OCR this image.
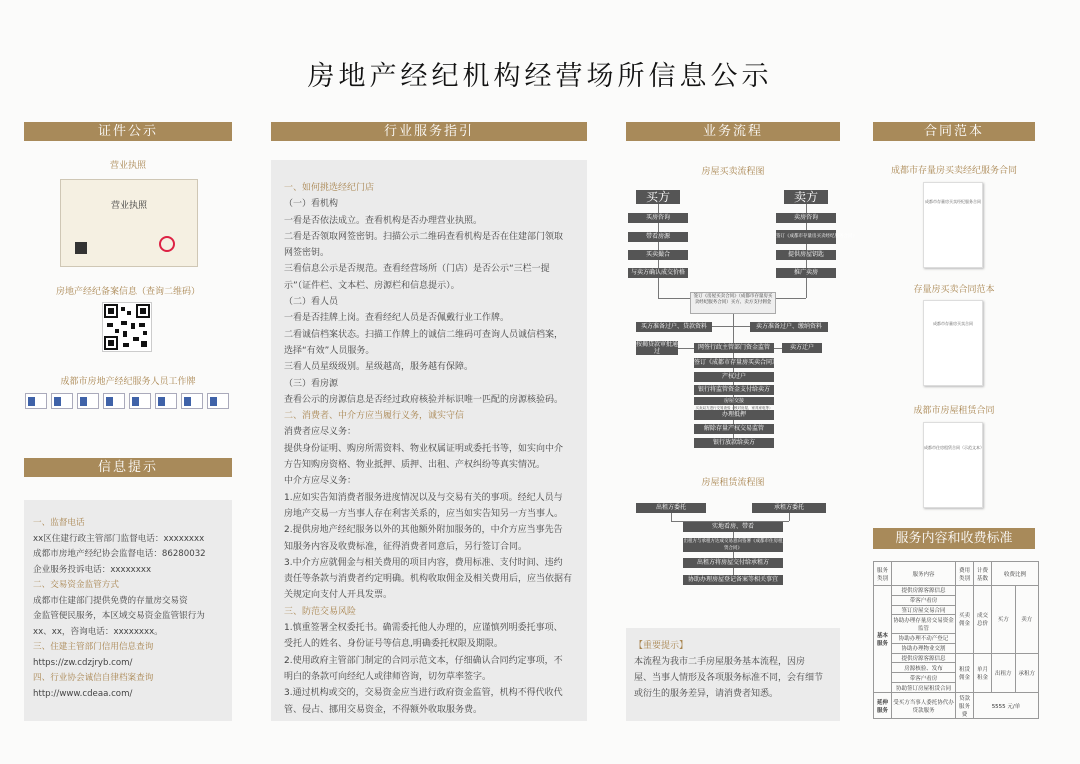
房地产经纪机构经营场所信息公示
证件公示
营业执照
营业执照
房地产经纪备案信息（查询二维码）
成都市房地产经纪服务人员工作牌
信息提示
一、监督电话
xx区住建行政主管部门监督电话：xxxxxxxx
成都市房地产经纪协会监督电话：86280032
企业服务投诉电话：xxxxxxxx
二、交易资金监管方式
成都市住建部门提供免费的存量房交易资
金监管便民服务，本区域交易资金监管银行为
xx、xx，咨询电话：xxxxxxxx。
三、住建主管部门信用信息查询
https://zw.cdzjryb.com/
四、行业协会诚信自律档案查询
http://www.cdeaa.com/
行业服务指引
一、如何挑选经纪门店
（一）看机构
一看是否依法成立。查看机构是否办理营业执照。
二看是否领取网签密钥。扫描公示二维码查看机构是否在住建部门领取
网签密钥。
三看信息公示是否规范。查看经营场所（门店）是否公示“三栏一提
示”（证件栏、文本栏、房源栏和信息提示）。
（二）看人员
一看是否挂牌上岗。查看经纪人员是否佩戴行业工作牌。
二看诚信档案状态。扫描工作牌上的诚信二维码可查询人员诚信档案，
选择“有效”人员服务。
三看人员星级级别。星级越高，服务越有保障。
（三）看房源
查看公示的房源信息是否经过政府核验并标识唯一匹配的房源核验码。
二、消费者、中介方应当履行义务，诚实守信
消费者应尽义务：
提供身份证明、购房所需资料、物业权属证明或委托书等，如实向中介
方告知购房资格、物业抵押、质押、出租、产权纠纷等真实情况。
中介方应尽义务：
1.应如实告知消费者服务进度情况以及与交易有关的事项。经纪人员与
房地产交易一方当事人存在利害关系的，应当如实告知另一方当事人。
2.提供房地产经纪服务以外的其他额外附加服务的，中介方应当事先告
知服务内容及收费标准，征得消费者同意后，另行签订合同。
3.中介方应就佣金与相关费用的项目内容，费用标准、支付时间、违约
责任等条款与消费者约定明确。机构收取佣金及相关费用后，应当依据有
关规定向支付人开具发票。
三、防范交易风险
1.慎重签署全权委托书。确需委托他人办理的，应谨慎列明委托事项、
受托人的姓名、身份证号等信息,明确委托权限及期限。
2.使用政府主管部门制定的合同示范文本，仔细确认合同约定事项，不
明白的条款可向经纪人或律师咨询，切勿草率签字。
3.通过机构或交的，交易资金应当进行政府资金监管，机构不得代收代
管、侵占、挪用交易资金，不得额外收取服务费。
业务流程
房屋买卖流程图
买方	卖方
买房咨询
带看房源
买卖撮合
与卖方确认成交价格
卖房咨询
签订《成都市存量房买卖经纪服务合同》
提供房屋钥匙
推广卖房
签订《房屋买卖合同》（成都市存量房买卖经纪服务合同）买方、卖方支付佣金
买方准备过户、贷款资料	卖方准备过户、缴纳资料
按揭贷款审批通过
卖方迁户
网签行政主管部门资金监管
签订《成都市存量房买卖合同》
产权过户
银行将监管资金支付给卖方
房屋交接
买卖双方进行交易查验（核对房屋、家具家电等）
办理抵押
解除存量产权交易监管
银行放款给卖方
房屋租赁流程图
出租方委托	承租方委托
实地看房、带看
出租方与承租方达成交易意向签署《成都市住房租赁合同》
出租方将房屋交付给承租方
协助办理房屋登记备案等相关事宜
【重要提示】
本流程为我市二手房屋服务基本流程，因房
屋、当事人情形及各项服务标准不同，会有细节
或衍生的服务差异，请消费者知悉。
合同范本
成都市存量房买卖经纪服务合同
成都市存量房买卖经纪服务合同
存量房买卖合同范本
成都市存量房买卖合同
成都市房屋租赁合同
成都市住房租赁合同（示范文本）
服务内容和收费标准
服务类别	服务内容	费用类别	计费基数	收费比例	
基本服务	提供房源客源信息	买卖佣金	成交总价	买方	卖方
	带客户看房				
	签订房屋交易合同				
	协助办理存量房交易资金监管				
	协助办理不动产登记				
	协助办理物业交割				
	提供房源客源信息	租赁佣金	单月租金	出租方	承租方
	房源核验、发布				
	带客户看房				
	协助签订房屋租赁合同				
延伸服务	受买方当事人委托协代办贷款服务	贷款服务费	5555 元/单		
